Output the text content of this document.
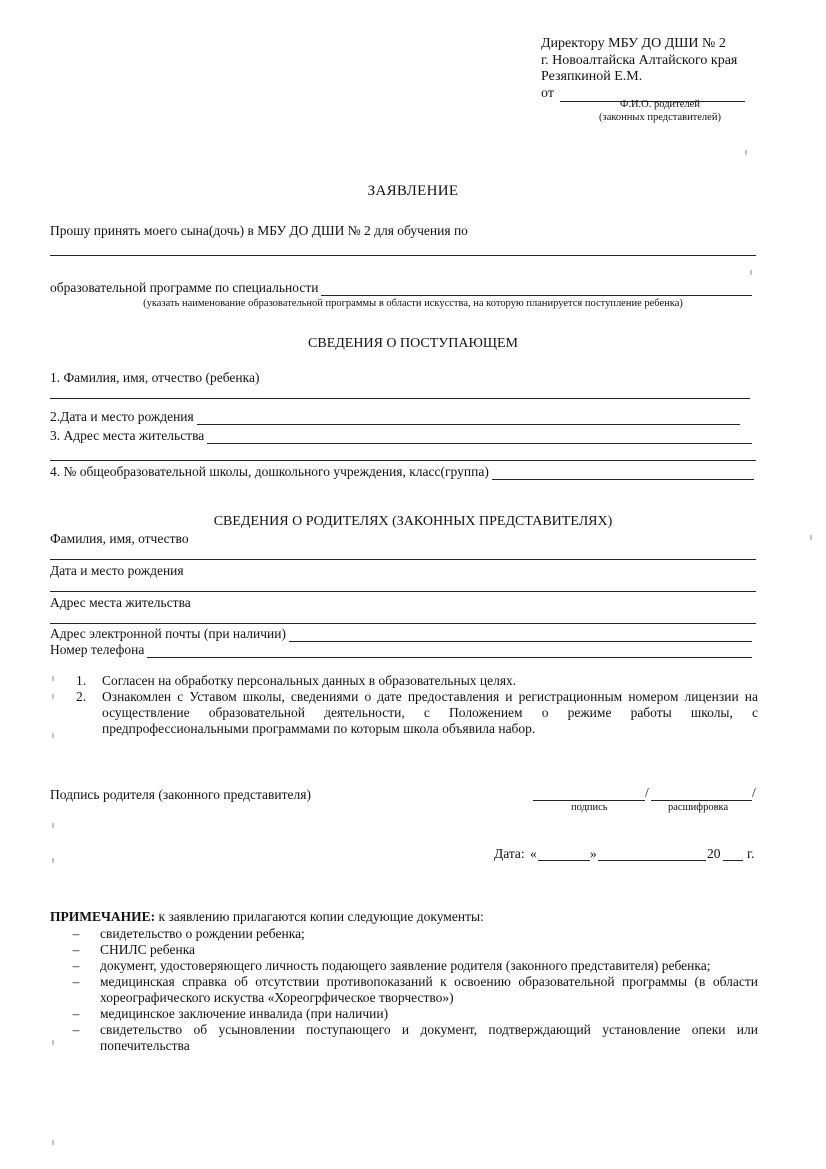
Директору МБУ ДО ДШИ № 2
г. Новоалтайска Алтайского края
Резяпкиной Е.М.
от
Ф.И.О. родителей
(законных представителей)
ЗАЯВЛЕНИЕ
Прошу принять моего сына(дочь) в МБУ ДО ДШИ № 2 для обучения по
образовательной программе по специальности
(указать наименование образовательной программы в области искусства, на которую планируется поступление ребенка)
СВЕДЕНИЯ О ПОСТУПАЮЩЕМ
1. Фамилия, имя, отчество (ребенка)
2.Дата и место рождения
3. Адрес места жительства
4. № общеобразовательной школы, дошкольного учреждения, класс(группа)
СВЕДЕНИЯ О РОДИТЕЛЯХ (ЗАКОННЫХ ПРЕДСТАВИТЕЛЯХ)
Фамилия, имя, отчество
Дата и место рождения
Адрес места жительства
Адрес электронной почты (при наличии)
Номер телефона
1.	Согласен на обработку персональных данных в образовательных целях.
2.	Ознакомлен с Уставом школы, сведениями о дате предоставления и регистрационным номером лицензии на осуществление образовательной деятельности, с Положением о режиме работы школы, с предпрофессиональными программами по которым школа объявила набор.
Подпись родителя (законного представителя)	/	/
подпись	расшифровка
Дата: «	»	20 г.
ПРИМЕЧАНИЕ: к заявлению прилагаются копии следующие документы:
–	свидетельство о рождении ребенка;
–	СНИЛС ребенка
–	документ, удостоверяющего личность подающего заявление родителя (законного представителя) ребенка;
–	медицинская справка об отсутствии противопоказаний к освоению образовательной программы (в области хореографического искуства «Хореогрфическое творчество»)
–	медицинское заключение инвалида (при наличии)
–	свидетельство об усыновлении поступающего и документ, подтверждающий установление опеки или попечительства
